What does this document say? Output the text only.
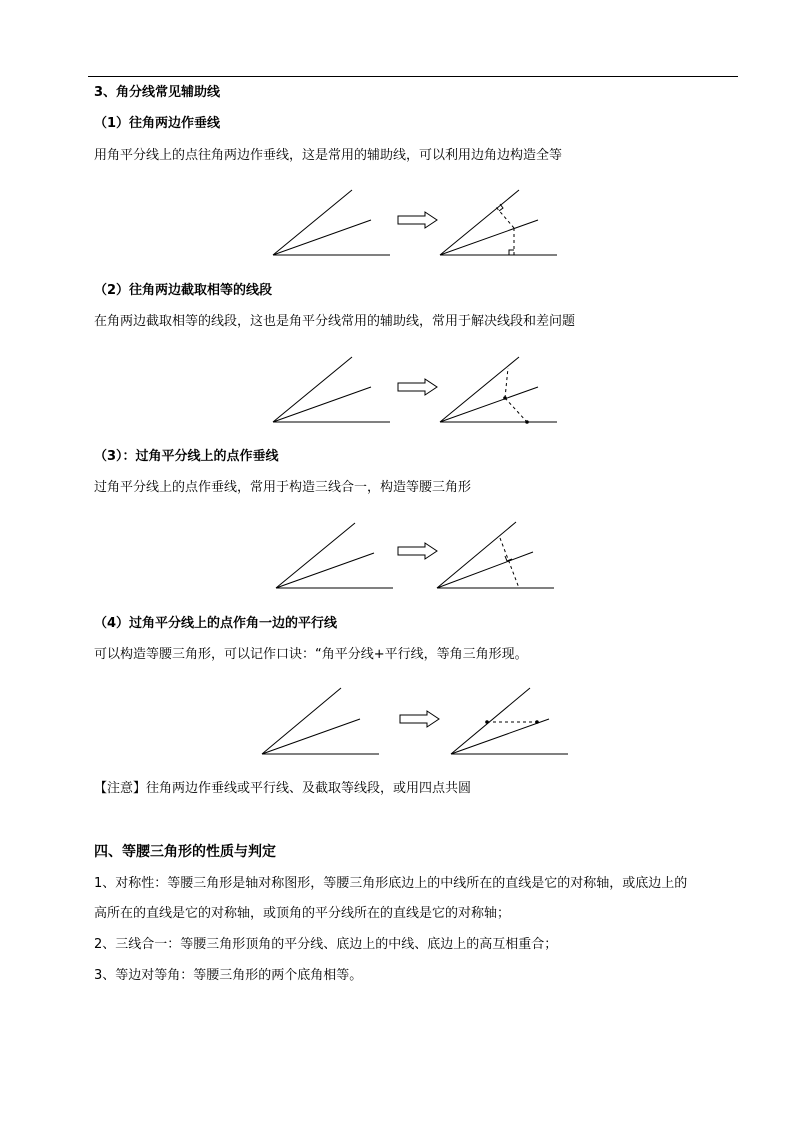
3、角分线常见辅助线
（1）往角两边作垂线
用角平分线上的点往角两边作垂线，这是常用的辅助线，可以利用边角边构造全等
（2）往角两边截取相等的线段
在角两边截取相等的线段，这也是角平分线常用的辅助线，常用于解决线段和差问题
（3）：过角平分线上的点作垂线
过角平分线上的点作垂线，常用于构造三线合一，构造等腰三角形
（4）过角平分线上的点作角一边的平行线
可以构造等腰三角形，可以记作口诀：“角平分线+平行线，等角三角形现。
【注意】往角两边作垂线或平行线、及截取等线段，或用四点共圆
四、等腰三角形的性质与判定
1、对称性：等腰三角形是轴对称图形，等腰三角形底边上的中线所在的直线是它的对称轴，或底边上的
高所在的直线是它的对称轴，或顶角的平分线所在的直线是它的对称轴；
2、三线合一：等腰三角形顶角的平分线、底边上的中线、底边上的高互相重合；
3、等边对等角：等腰三角形的两个底角相等。
